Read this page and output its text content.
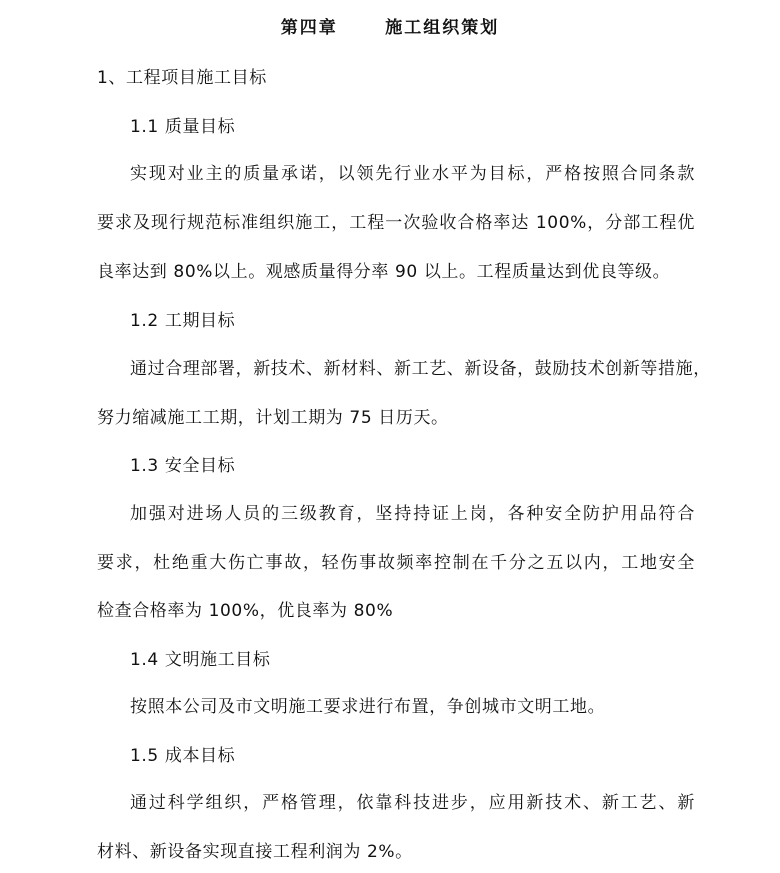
第四章      施工组织策划
1、工程项目施工目标
1.1 质量目标
实现对业主的质量承诺，以领先行业水平为目标，严格按照合同条款
要求及现行规范标准组织施工，工程一次验收合格率达 100%，分部工程优
良率达到 80%以上。观感质量得分率 90 以上。工程质量达到优良等级。
1.2 工期目标
通过合理部署，新技术、新材料、新工艺、新设备，鼓励技术创新等措施，
努力缩减施工工期，计划工期为 75 日历天。
1.3 安全目标
加强对进场人员的三级教育，坚持持证上岗，各种安全防护用品符合
要求，杜绝重大伤亡事故，轻伤事故频率控制在千分之五以内，工地安全
检查合格率为 100%，优良率为 80%
1.4 文明施工目标
按照本公司及市文明施工要求进行布置，争创城市文明工地。
1.5 成本目标
通过科学组织，严格管理，依靠科技进步，应用新技术、新工艺、新
材料、新设备实现直接工程利润为 2%。
